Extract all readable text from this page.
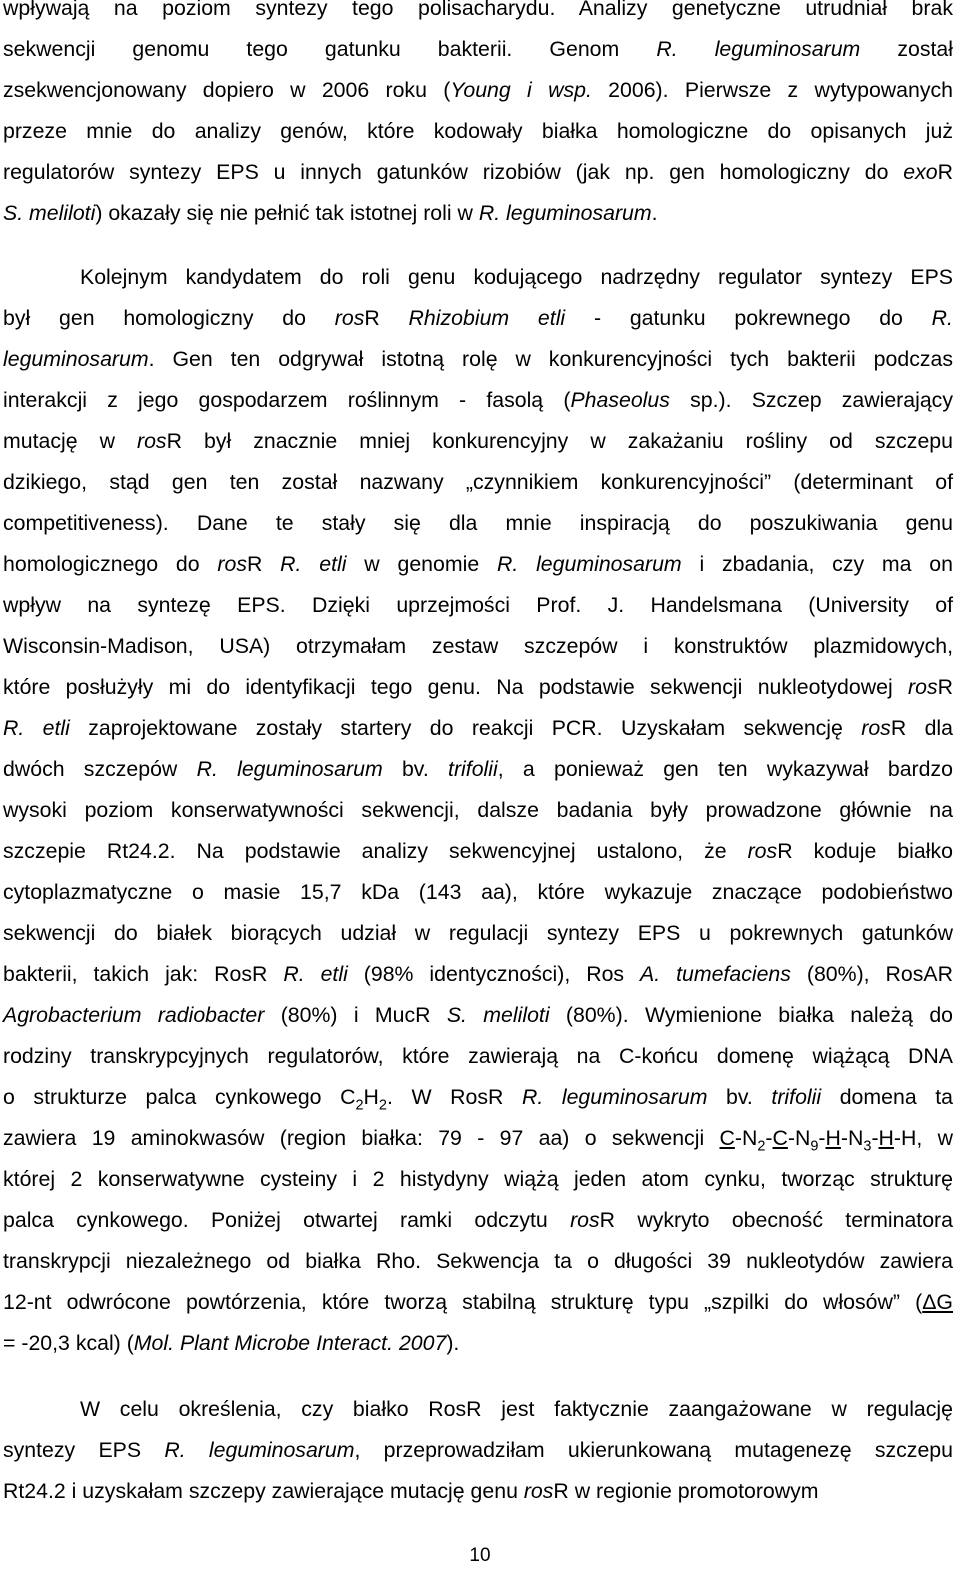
wpływają na poziom syntezy tego polisacharydu. Analizy genetyczne utrudniał brak
sekwencji genomu tego gatunku bakterii. Genom R. leguminosarum został
zsekwencjonowany dopiero w 2006 roku (Young i wsp. 2006). Pierwsze z wytypowanych
przeze mnie do analizy genów, które kodowały białka homologiczne do opisanych już
regulatorów syntezy EPS u innych gatunków rizobiów (jak np. gen homologiczny do exoR
S. meliloti) okazały się nie pełnić tak istotnej roli w R. leguminosarum.
Kolejnym kandydatem do roli genu kodującego nadrzędny regulator syntezy EPS
był gen homologiczny do rosR Rhizobium etli - gatunku pokrewnego do R.
leguminosarum. Gen ten odgrywał istotną rolę w konkurencyjności tych bakterii podczas
interakcji z jego gospodarzem roślinnym - fasolą (Phaseolus sp.). Szczep zawierający
mutację w rosR był znacznie mniej konkurencyjny w zakażaniu rośliny od szczepu
dzikiego, stąd gen ten został nazwany „czynnikiem konkurencyjności” (determinant of
competitiveness). Dane te stały się dla mnie inspiracją do poszukiwania genu
homologicznego do rosR R. etli w genomie R. leguminosarum i zbadania, czy ma on
wpływ na syntezę EPS. Dzięki uprzejmości Prof. J. Handelsmana (University of
Wisconsin-Madison, USA) otrzymałam zestaw szczepów i konstruktów plazmidowych,
które posłużyły mi do identyfikacji tego genu. Na podstawie sekwencji nukleotydowej rosR
R. etli zaprojektowane zostały startery do reakcji PCR. Uzyskałam sekwencję rosR dla
dwóch szczepów R. leguminosarum bv. trifolii, a ponieważ gen ten wykazywał bardzo
wysoki poziom konserwatywności sekwencji, dalsze badania były prowadzone głównie na
szczepie Rt24.2. Na podstawie analizy sekwencyjnej ustalono, że rosR koduje białko
cytoplazmatyczne o masie 15,7 kDa (143 aa), które wykazuje znaczące podobieństwo
sekwencji do białek biorących udział w regulacji syntezy EPS u pokrewnych gatunków
bakterii, takich jak: RosR R. etli (98% identyczności), Ros A. tumefaciens (80%), RosAR
Agrobacterium radiobacter (80%) i MucR S. meliloti (80%). Wymienione białka należą do
rodziny transkrypcyjnych regulatorów, które zawierają na C-końcu domenę wiążącą DNA
o strukturze palca cynkowego $C_2H_2$. W RosR R. leguminosarum bv. trifolii domena ta
zawiera 19 aminokwasów (region białka: 79 - 97 aa) o sekwencji $C-N_2-C-N_9-H-N_3-H-H$, w
której 2 konserwatywne cysteiny i 2 histydyny wiążą jeden atom cynku, tworząc strukturę
palca cynkowego. Poniżej otwartej ramki odczytu rosR wykryto obecność terminatora
transkrypcji niezależnego od białka Rho. Sekwencja ta o długości 39 nukleotydów zawiera
12-nt odwrócone powtórzenia, które tworzą stabilną strukturę typu „szpilki do włosów” (ΔG
= -20,3 kcal) (Mol. Plant Microbe Interact. 2007).
W celu określenia, czy białko RosR jest faktycznie zaangażowane w regulację
syntezy EPS R. leguminosarum, przeprowadziłam ukierunkowaną mutagenezę szczepu
Rt24.2 i uzyskałam szczepy zawierające mutację genu rosR w regionie promotorowym
10
